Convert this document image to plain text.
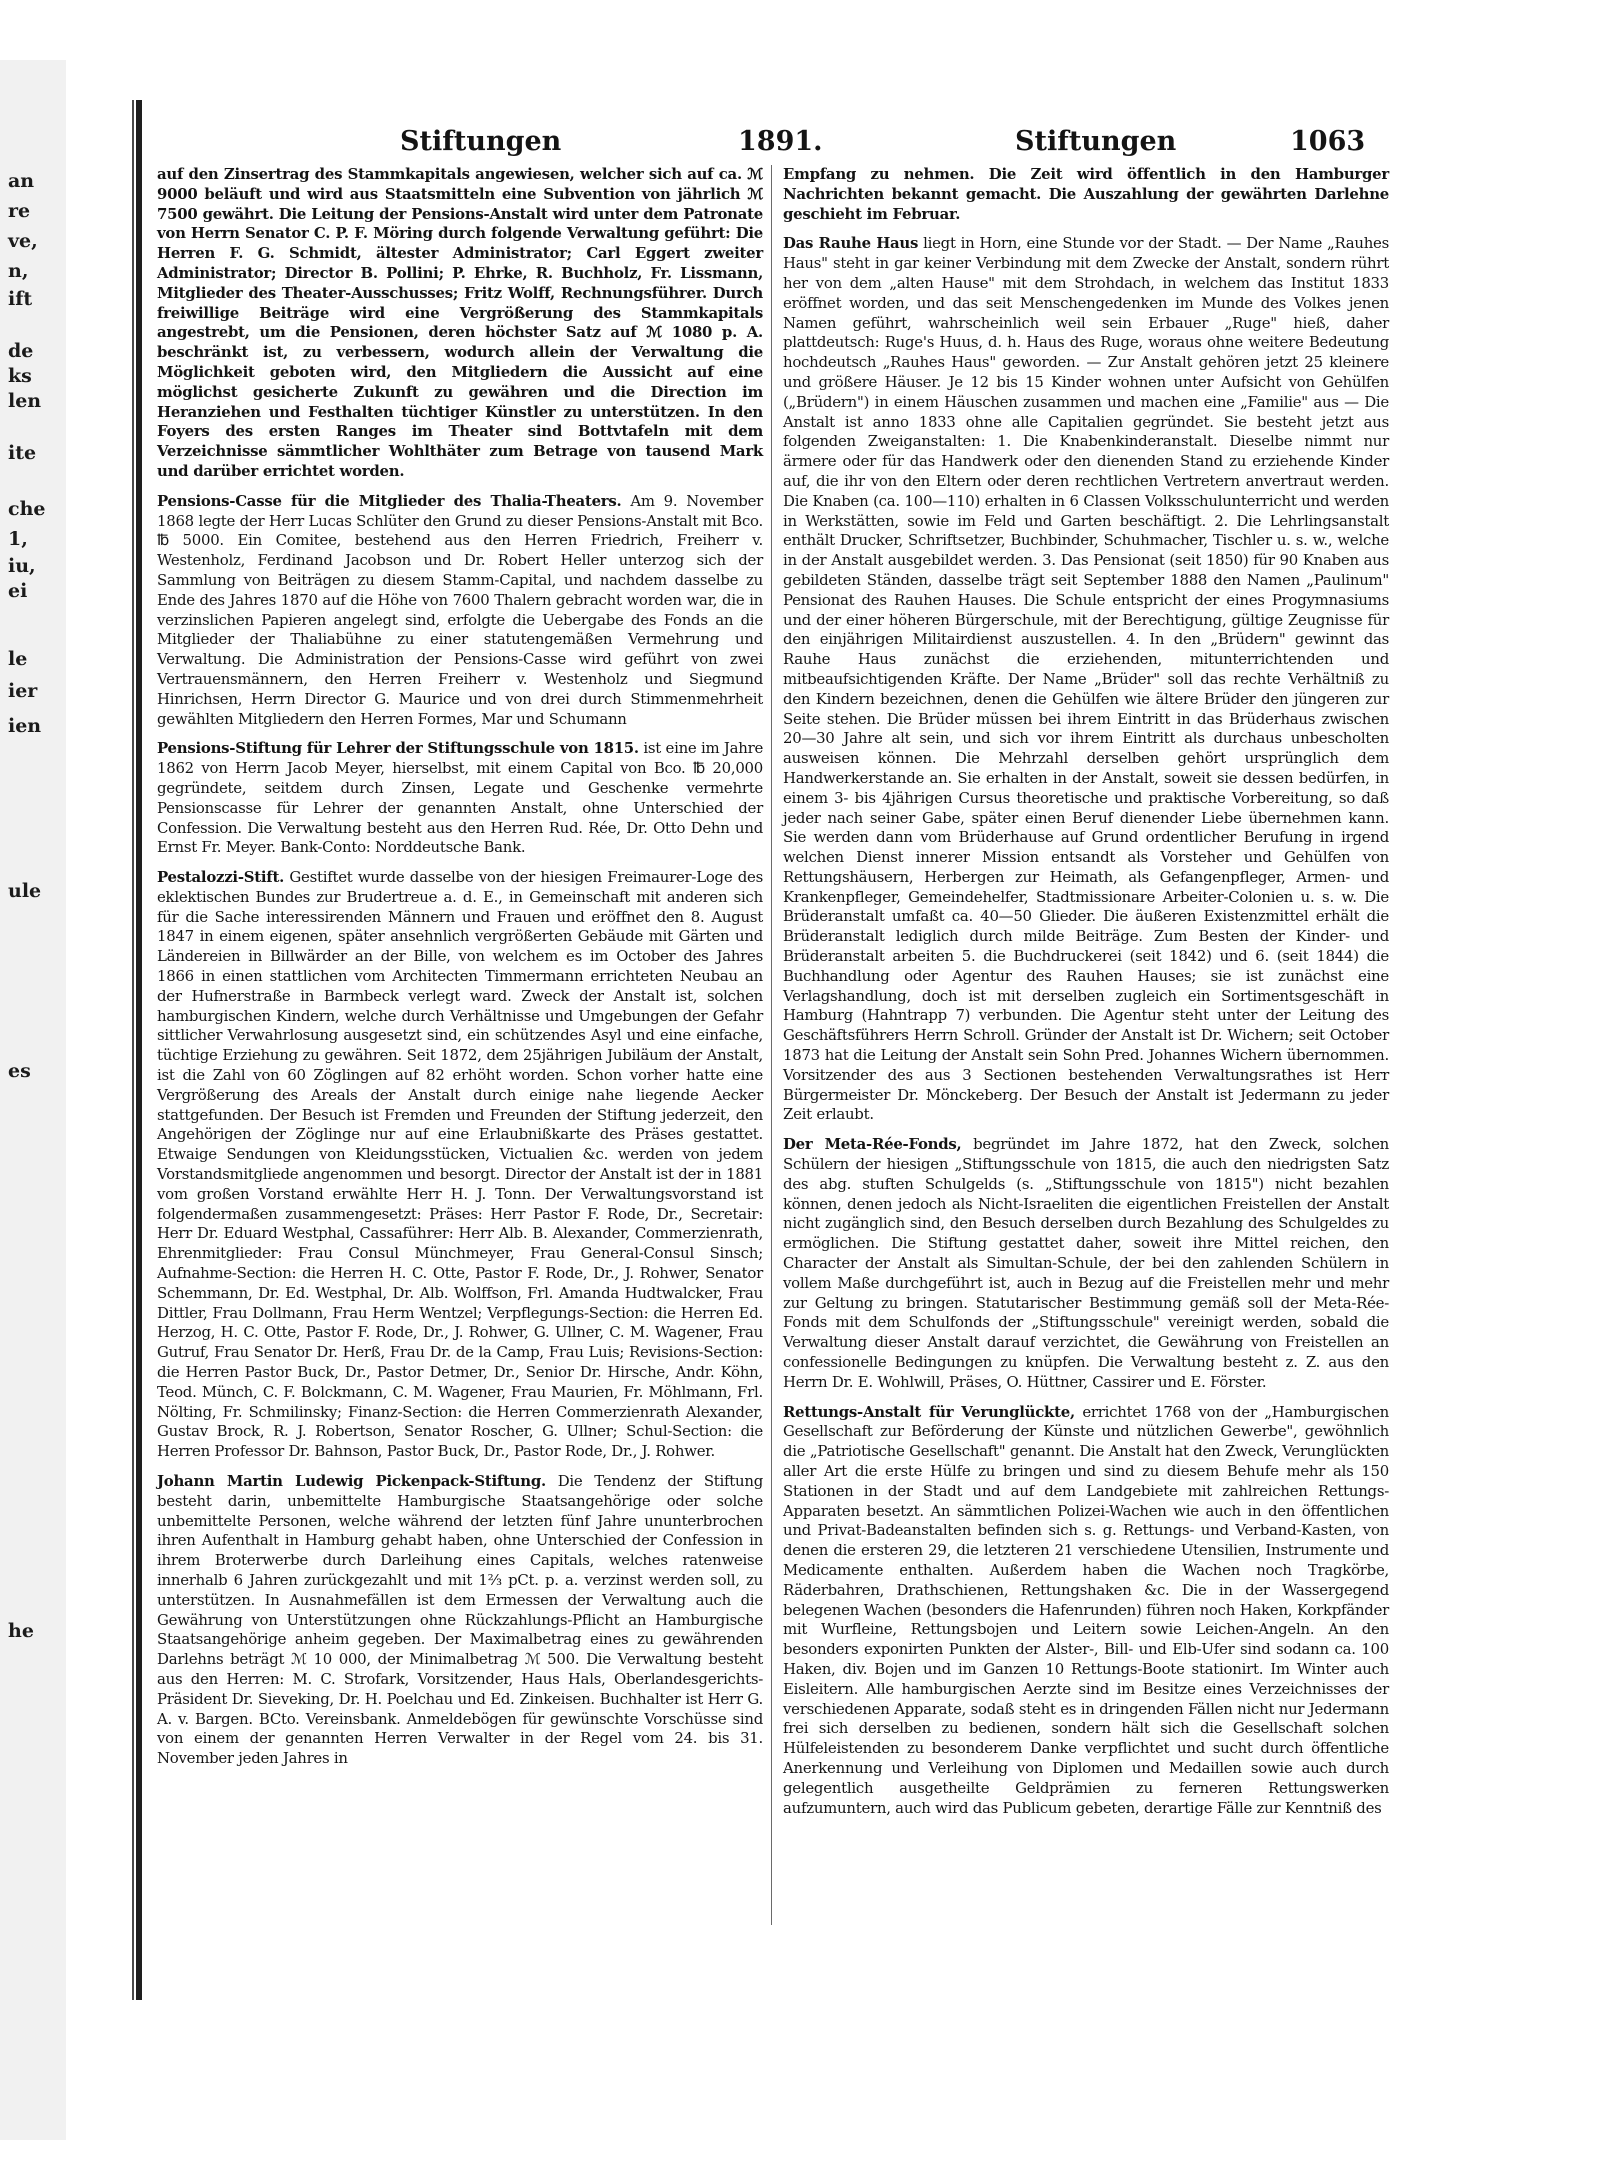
an
re
ve,
n,
ift
de
ks
len
ite
che
1,
iu,
ei
le
ier
ien
ule
es
he
Stiftungen	1891.	Stiftungen	1063

auf den Zinsertrag des Stammkapitals angewiesen, welcher sich auf ca. ℳ 9000 beläuft und wird aus Staatsmitteln eine Subvention von jährlich ℳ 7500 gewährt. Die Leitung der Pensions-Anstalt wird unter dem Patronate von Herrn Senator C. P. F. Möring durch folgende Verwaltung geführt: Die Herren F. G. Schmidt, ältester Administrator; Carl Eggert zweiter Administrator; Director B. Pollini; P. Ehrke, R. Buchholz, Fr. Lissmann, Mitglieder des Theater-Ausschusses; Fritz Wolff, Rechnungsführer. Durch freiwillige Beiträge wird eine Vergrößerung des Stammkapitals angestrebt, um die Pensionen, deren höchster Satz auf ℳ 1080 p. A. beschränkt ist, zu verbessern, wodurch allein der Verwaltung die Möglichkeit geboten wird, den Mitgliedern die Aussicht auf eine möglichst gesicherte Zukunft zu gewähren und die Direction im Heranziehen und Festhalten tüchtiger Künstler zu unterstützen. In den Foyers des ersten Ranges im Theater sind Bottvtafeln mit dem Verzeichnisse sämmtlicher Wohlthäter zum Betrage von tausend Mark und darüber errichtet worden.

Pensions-Casse für die Mitglieder des Thalia-Theaters. Am 9. November 1868 legte der Herr Lucas Schlüter den Grund zu dieser Pensions-Anstalt mit Bco. ℔ 5000. Ein Comitee, bestehend aus den Herren Friedrich, Freiherr v. Westenholz, Ferdinand Jacobson und Dr. Robert Heller unterzog sich der Sammlung von Beiträgen zu diesem Stamm-Capital, und nachdem dasselbe zu Ende des Jahres 1870 auf die Höhe von 7600 Thalern gebracht worden war, die in verzinslichen Papieren angelegt sind, erfolgte die Uebergabe des Fonds an die Mitglieder der Thaliabühne zu einer statutengemäßen Vermehrung und Verwaltung. Die Administration der Pensions-Casse wird geführt von zwei Vertrauensmännern, den Herren Freiherr v. Westenholz und Siegmund Hinrichsen, Herrn Director G. Maurice und von drei durch Stimmenmehrheit gewählten Mitgliedern den Herren Formes, Mar und Schumann

Pensions-Stiftung für Lehrer der Stiftungsschule von 1815. ist eine im Jahre 1862 von Herrn Jacob Meyer, hierselbst, mit einem Capital von Bco. ℔ 20,000 gegründete, seitdem durch Zinsen, Legate und Geschenke vermehrte Pensionscasse für Lehrer der genannten Anstalt, ohne Unterschied der Confession. Die Verwaltung besteht aus den Herren Rud. Rée, Dr. Otto Dehn und Ernst Fr. Meyer. Bank-Conto: Norddeutsche Bank.

Pestalozzi-Stift. Gestiftet wurde dasselbe von der hiesigen Freimaurer-Loge des eklektischen Bundes zur Brudertreue a. d. E., in Gemeinschaft mit anderen sich für die Sache interessirenden Männern und Frauen und eröffnet den 8. August 1847 in einem eigenen, später ansehnlich vergrößerten Gebäude mit Gärten und Ländereien in Billwärder an der Bille, von welchem es im October des Jahres 1866 in einen stattlichen vom Architecten Timmermann errichteten Neubau an der Hufnerstraße in Barmbeck verlegt ward. Zweck der Anstalt ist, solchen hamburgischen Kindern, welche durch Verhältnisse und Umgebungen der Gefahr sittlicher Verwahrlosung ausgesetzt sind, ein schützendes Asyl und eine einfache, tüchtige Erziehung zu gewähren. Seit 1872, dem 25jährigen Jubiläum der Anstalt, ist die Zahl von 60 Zöglingen auf 82 erhöht worden. Schon vorher hatte eine Vergrößerung des Areals der Anstalt durch einige nahe liegende Aecker stattgefunden. Der Besuch ist Fremden und Freunden der Stiftung jederzeit, den Angehörigen der Zöglinge nur auf eine Erlaubnißkarte des Präses gestattet. Etwaige Sendungen von Kleidungsstücken, Victualien &c. werden von jedem Vorstandsmitgliede angenommen und besorgt. Director der Anstalt ist der in 1881 vom großen Vorstand erwählte Herr H. J. Tonn. Der Verwaltungsvorstand ist folgendermaßen zusammengesetzt: Präses: Herr Pastor F. Rode, Dr., Secretair: Herr Dr. Eduard Westphal, Cassaführer: Herr Alb. B. Alexander, Commerzienrath, Ehrenmitglieder: Frau Consul Münchmeyer, Frau General-Consul Sinsch; Aufnahme-Section: die Herren H. C. Otte, Pastor F. Rode, Dr., J. Rohwer, Senator Schemmann, Dr. Ed. Westphal, Dr. Alb. Wolffson, Frl. Amanda Hudtwalcker, Frau Dittler, Frau Dollmann, Frau Herm Wentzel; Verpflegungs-Section: die Herren Ed. Herzog, H. C. Otte, Pastor F. Rode, Dr., J. Rohwer, G. Ullner, C. M. Wagener, Frau Gutruf, Frau Senator Dr. Herß, Frau Dr. de la Camp, Frau Luis; Revisions-Section: die Herren Pastor Buck, Dr., Pastor Detmer, Dr., Senior Dr. Hirsche, Andr. Köhn, Teod. Münch, C. F. Bolckmann, C. M. Wagener, Frau Maurien, Fr. Möhlmann, Frl. Nölting, Fr. Schmilinsky; Finanz-Section: die Herren Commerzienrath Alexander, Gustav Brock, R. J. Robertson, Senator Roscher, G. Ullner; Schul-Section: die Herren Professor Dr. Bahnson, Pastor Buck, Dr., Pastor Rode, Dr., J. Rohwer.

Johann Martin Ludewig Pickenpack-Stiftung. Die Tendenz der Stiftung besteht darin, unbemittelte Hamburgische Staatsangehörige oder solche unbemittelte Personen, welche während der letzten fünf Jahre ununterbrochen ihren Aufenthalt in Hamburg gehabt haben, ohne Unterschied der Confession in ihrem Broterwerbe durch Darleihung eines Capitals, welches ratenweise innerhalb 6 Jahren zurückgezahlt und mit 1⅔ pCt. p. a. verzinst werden soll, zu unterstützen. In Ausnahmefällen ist dem Ermessen der Verwaltung auch die Gewährung von Unterstützungen ohne Rückzahlungs-Pflicht an Hamburgische Staatsangehörige anheim gegeben. Der Maximalbetrag eines zu gewährenden Darlehns beträgt ℳ 10 000, der Minimalbetrag ℳ 500. Die Verwaltung besteht aus den Herren: M. C. Strofark, Vorsitzender, Haus Hals, Oberlandesgerichts-Präsident Dr. Sieveking, Dr. H. Poelchau und Ed. Zinkeisen. Buchhalter ist Herr G. A. v. Bargen. BCto. Vereinsbank. Anmeldebögen für gewünschte Vorschüsse sind von einem der genannten Herren Verwalter in der Regel vom 24. bis 31. November jeden Jahres in

Empfang zu nehmen. Die Zeit wird öffentlich in den Hamburger Nachrichten bekannt gemacht. Die Auszahlung der gewährten Darlehne geschieht im Februar.

Das Rauhe Haus liegt in Horn, eine Stunde vor der Stadt. — Der Name „Rauhes Haus" steht in gar keiner Verbindung mit dem Zwecke der Anstalt, sondern rührt her von dem „alten Hause" mit dem Strohdach, in welchem das Institut 1833 eröffnet worden, und das seit Menschengedenken im Munde des Volkes jenen Namen geführt, wahrscheinlich weil sein Erbauer „Ruge" hieß, daher plattdeutsch: Ruge's Huus, d. h. Haus des Ruge, woraus ohne weitere Bedeutung hochdeutsch „Rauhes Haus" geworden. — Zur Anstalt gehören jetzt 25 kleinere und größere Häuser. Je 12 bis 15 Kinder wohnen unter Aufsicht von Gehülfen („Brüdern") in einem Häuschen zusammen und machen eine „Familie" aus — Die Anstalt ist anno 1833 ohne alle Capitalien gegründet. Sie besteht jetzt aus folgenden Zweiganstalten: 1. Die Knabenkinderanstalt. Dieselbe nimmt nur ärmere oder für das Handwerk oder den dienenden Stand zu erziehende Kinder auf, die ihr von den Eltern oder deren rechtlichen Vertretern anvertraut werden. Die Knaben (ca. 100—110) erhalten in 6 Classen Volksschulunterricht und werden in Werkstätten, sowie im Feld und Garten beschäftigt. 2. Die Lehrlingsanstalt enthält Drucker, Schriftsetzer, Buchbinder, Schuhmacher, Tischler u. s. w., welche in der Anstalt ausgebildet werden. 3. Das Pensionat (seit 1850) für 90 Knaben aus gebildeten Ständen, dasselbe trägt seit September 1888 den Namen „Paulinum" Pensionat des Rauhen Hauses. Die Schule entspricht der eines Progymnasiums und der einer höheren Bürgerschule, mit der Berechtigung, gültige Zeugnisse für den einjährigen Militairdienst auszustellen. 4. In den „Brüdern" gewinnt das Rauhe Haus zunächst die erziehenden, mitunterrichtenden und mitbeaufsichtigenden Kräfte. Der Name „Brüder" soll das rechte Verhältniß zu den Kindern bezeichnen, denen die Gehülfen wie ältere Brüder den jüngeren zur Seite stehen. Die Brüder müssen bei ihrem Eintritt in das Brüderhaus zwischen 20—30 Jahre alt sein, und sich vor ihrem Eintritt als durchaus unbescholten ausweisen können. Die Mehrzahl derselben gehört ursprünglich dem Handwerkerstande an. Sie erhalten in der Anstalt, soweit sie dessen bedürfen, in einem 3- bis 4jährigen Cursus theoretische und praktische Vorbereitung, so daß jeder nach seiner Gabe, später einen Beruf dienender Liebe übernehmen kann. Sie werden dann vom Brüderhause auf Grund ordentlicher Berufung in irgend welchen Dienst innerer Mission entsandt als Vorsteher und Gehülfen von Rettungshäusern, Herbergen zur Heimath, als Gefangenpfleger, Armen- und Krankenpfleger, Gemeindehelfer, Stadtmissionare Arbeiter-Colonien u. s. w. Die Brüderanstalt umfaßt ca. 40—50 Glieder. Die äußeren Existenzmittel erhält die Brüderanstalt lediglich durch milde Beiträge. Zum Besten der Kinder- und Brüderanstalt arbeiten 5. die Buchdruckerei (seit 1842) und 6. (seit 1844) die Buchhandlung oder Agentur des Rauhen Hauses; sie ist zunächst eine Verlagshandlung, doch ist mit derselben zugleich ein Sortimentsgeschäft in Hamburg (Hahntrapp 7) verbunden. Die Agentur steht unter der Leitung des Geschäftsführers Herrn Schroll. Gründer der Anstalt ist Dr. Wichern; seit October 1873 hat die Leitung der Anstalt sein Sohn Pred. Johannes Wichern übernommen. Vorsitzender des aus 3 Sectionen bestehenden Verwaltungsrathes ist Herr Bürgermeister Dr. Mönckeberg. Der Besuch der Anstalt ist Jedermann zu jeder Zeit erlaubt.

Der Meta-Rée-Fonds, begründet im Jahre 1872, hat den Zweck, solchen Schülern der hiesigen „Stiftungsschule von 1815, die auch den niedrigsten Satz des abg. stuften Schulgelds (s. „Stiftungsschule von 1815") nicht bezahlen können, denen jedoch als Nicht-Israeliten die eigentlichen Freistellen der Anstalt nicht zugänglich sind, den Besuch derselben durch Bezahlung des Schulgeldes zu ermöglichen. Die Stiftung gestattet daher, soweit ihre Mittel reichen, den Character der Anstalt als Simultan-Schule, der bei den zahlenden Schülern in vollem Maße durchgeführt ist, auch in Bezug auf die Freistellen mehr und mehr zur Geltung zu bringen. Statutarischer Bestimmung gemäß soll der Meta-Rée-Fonds mit dem Schulfonds der „Stiftungsschule" vereinigt werden, sobald die Verwaltung dieser Anstalt darauf verzichtet, die Gewährung von Freistellen an confessionelle Bedingungen zu knüpfen. Die Verwaltung besteht z. Z. aus den Herrn Dr. E. Wohlwill, Präses, O. Hüttner, Cassirer und E. Förster.

Rettungs-Anstalt für Verunglückte, errichtet 1768 von der „Hamburgischen Gesellschaft zur Beförderung der Künste und nützlichen Gewerbe", gewöhnlich die „Patriotische Gesellschaft" genannt. Die Anstalt hat den Zweck, Verunglückten aller Art die erste Hülfe zu bringen und sind zu diesem Behufe mehr als 150 Stationen in der Stadt und auf dem Landgebiete mit zahlreichen Rettungs-Apparaten besetzt. An sämmtlichen Polizei-Wachen wie auch in den öffentlichen und Privat-Badeanstalten befinden sich s. g. Rettungs- und Verband-Kasten, von denen die ersteren 29, die letzteren 21 verschiedene Utensilien, Instrumente und Medicamente enthalten. Außerdem haben die Wachen noch Tragkörbe, Räderbahren, Drathschienen, Rettungshaken &c. Die in der Wassergegend belegenen Wachen (besonders die Hafenrunden) führen noch Haken, Korkpfänder mit Wurfleine, Rettungsbojen und Leitern sowie Leichen-Angeln. An den besonders exponirten Punkten der Alster-, Bill- und Elb-Ufer sind sodann ca. 100 Haken, div. Bojen und im Ganzen 10 Rettungs-Boote stationirt. Im Winter auch Eisleitern. Alle hamburgischen Aerzte sind im Besitze eines Verzeichnisses der verschiedenen Apparate, sodaß steht es in dringenden Fällen nicht nur Jedermann frei sich derselben zu bedienen, sondern hält sich die Gesellschaft solchen Hülfeleistenden zu besonderem Danke verpflichtet und sucht durch öffentliche Anerkennung und Verleihung von Diplomen und Medaillen sowie auch durch gelegentlich ausgetheilte Geldprämien zu ferneren Rettungswerken aufzumuntern, auch wird das Publicum gebeten, derartige Fälle zur Kenntniß des
